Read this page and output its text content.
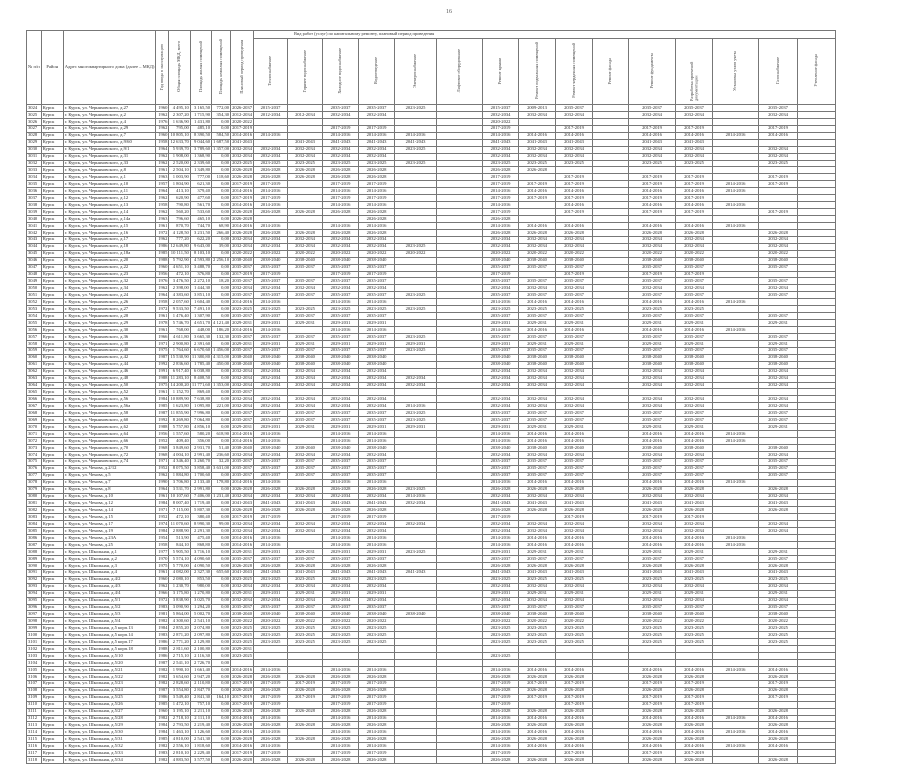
16
№ п/п	Район	Адрес многоквартирного дома (далее – МКД)	Год ввода в эксплуатацию	Общая площадь МКД, всего	Площадь жилых помещений	Площадь нежилых помещений	Плановый период проведения	Вид работ (услуг) по капитальному ремонту, плановый период проведения														
								Теплоснабжение	Горячее водоснабжение	Холодное водоснабжение	Водоотведение	Электроснабжение	Лифтовое оборудование	Ремонт крыши	Ремонт подвальных помещений	Ремонт чердачных помещений	Ремонт фасада	Ремонт фундамента	Разработка проектной документации	Установка узлов учета	Газоснабжение	Утепление фасада
3024	Курск	г. Курск, ул. Черняховского, д.27	1960	4 495,10	3 165,50	772,00	2026-2037	2015-2037		2035-2037	2035-2037	2023-2025		2015-2037	2009-2013	2035-2037		2035-2037	2035-2037		2035-2037	
3025	Курск	г. Курск, ул. Черняховского, д.2	1962	2 307,20	1 715,90	354,30	2012-2034	2012-2034	2012-2034	2032-2034	2032-2034			2032-2034	2032-2034	2032-2034		2032-2034	2032-2034		2032-2034	
3026	Курск	г. Курск, ул. Черняховского, д.4	1976	1 636,90	1 431,80	0,00	2020-2022							2020-2022								
3027	Курск	г. Курск, ул. Черняховского, д.29	1962	795,00	485,10	0,00	2017-2019			2017-2019	2017-2019			2017-2019		2017-2019		2017-2019	2017-2019		2017-2019	
3028	Курск	г. Курск, ул. Черняховского, д.7	1960	10 805,10	8 390,50	584,50	2014-2016	2014-2016		2014-2016	2014-2016	2014-2016		2014-2016	2014-2016	2014-2016		2014-2016	2014-2016	2014-2016	2014-2016	
3029	Курск	г. Курск, ул. Черняховского, д.9/60	1958	12 633,70	9 044,60	1 687,50	2041-2043		2041-2043	2041-2043	2041-2043	2041-2043		2041-2043	2041-2043	2041-2043		2041-2043	2041-2043			
3030	Курск	г. Курск, ул. Черняховского, д.9/1	1964	5 939,70	3 789,60	1 357,00	2032-2034	2032-2034	2032-2034	2032-2034	2032-2034	2023-2025		2032-2034	2032-2034	2032-2034		2032-2034	2032-2034		2032-2034	
3031	Курск	г. Курск, ул. Черняховского, д.31	1962	1 908,00	1 368,90	0,00	2032-2034	2032-2034	2032-2034	2032-2034	2032-2034			2032-2034	2032-2034	2032-2034		2032-2034	2032-2034		2032-2034	
3032	Курск	г. Курск, ул. Черняховского, д.33	1962	2 520,00	2 339,60	0,00	2023-2025	2023-2025	2023-2025	2023-2025	2023-2025	2023-2025		2023-2025	2023-2025	2023-2025		2023-2025	2023-2025		2023-2025	
3033	Курск	г. Курск, ул. Черняховского, д.8	1961	2 504,10	1 349,80	0,00	2026-2028	2026-2028	2026-2028	2026-2028	2026-2028			2026-2028	2026-2028							
3034	Курск	г. Курск, ул. Черняховского, д.1	1963	1 003,90	777,00	118,60	2026-2028	2026-2028	2026-2028	2026-2028	2026-2028			2017-2019		2017-2019		2017-2019	2017-2019		2017-2019	
3035	Курск	г. Курск, ул. Черняховского, д.10	1957	1 804,90	621,30	0,00	2017-2019	2017-2019		2017-2019	2017-2019			2017-2019	2017-2019	2017-2019		2017-2019	2017-2019	2014-2016	2017-2019	
3036	Курск	г. Курск, ул. Черняховского, д.11	1964	413,10	379,40	0,00	2014-2016	2014-2016		2014-2016	2014-2016			2014-2016	2014-2016	2014-2016		2014-2016	2014-2016	2014-2016		
3037	Курск	г. Курск, ул. Черняховского, д.12	1962	620,90	477,60	0,00	2017-2019	2017-2019		2017-2019	2017-2019			2017-2019	2017-2019	2017-2019		2017-2019	2017-2019			
3038	Курск	г. Курск, ул. Черняховского, д.13	1958	790,80	561,70	0,00	2014-2016	2014-2016		2014-2016	2014-2016			2014-2016		2014-2016		2014-2016	2014-2016	2014-2016		
3039	Курск	г. Курск, ул. Черняховского, д.14	1962	560,20	533,60	0,00	2026-2028	2026-2028	2026-2028	2026-2028	2026-2028			2017-2019		2017-2019		2017-2019	2017-2019		2017-2019	
3040	Курск	г. Курск, ул. Черняховского, д.14а	1963	796,60	465,10	0,00	2026-2028				2026-2028			2026-2028								
3041	Курск	г. Курск, ул. Черняховского, д.15	1961	870,70	744,70	68,90	2014-2016	2014-2016		2014-2016	2014-2016			2014-2016	2014-2016	2014-2016		2014-2016	2014-2016	2014-2016		
3042	Курск	г. Курск, ул. Черняховского, д.16	1972	4 128,50	3 231,50	266,40	2026-2028	2026-2028	2026-2028	2026-2028	2026-2028			2026-2028	2026-2028	2026-2028		2026-2028	2026-2028		2026-2028	
3043	Курск	г. Курск, ул. Черняховского, д.17	1962	777,20	622,20	0,00	2032-2034	2032-2034	2032-2034	2032-2034	2032-2034			2032-2034	2032-2034	2032-2034		2032-2034	2032-2034		2032-2034	
3044	Курск	г. Курск, ул. Черняховского, д.18	1986	12 649,80	9 643,00	39,00	2032-2034	2032-2034	2032-2034	2032-2034	2032-2034	2023-2025		2032-2034	2032-2034	2032-2034		2032-2034	2032-2034		2032-2034	
3045	Курск	г. Курск, ул. Черняховского, д.18а	1985	10 111,50	8 103,10	0,00	2020-2022	2020-2022	2020-2022	2020-2022	2020-2022	2020-2022		2020-2022	2020-2022	2020-2022		2020-2022	2020-2022		2020-2022	
3046	Курск	г. Курск, ул. Черняховского, д.20	1988	5 792,90	4 593,80	2 256,10	2038-2040	2038-2040	2038-2040	2038-2040	2038-2040			2038-2040	2038-2040	2038-2040		2038-2040	2038-2040		2038-2040	
3047	Курск	г. Курск, ул. Черняховского, д.22	1960	4 651,10	3 488,70	0,00	2035-2037	2035-2037	2035-2037	2035-2037	2035-2037			2035-2037	2035-2037	2035-2037		2035-2037	2035-2037		2035-2037	
3048	Курск	г. Курск, ул. Черняховского, д.23	1956	472,10	376,80	0,00	2017-2019	2017-2019		2017-2019	2017-2019			2017-2019		2017-2019		2017-2019	2017-2019			
3049	Курск	г. Курск, ул. Черняховского, д.32	1976	3 476,50	2 272,10	18,20	2035-2037	2035-2037	2035-2037	2035-2037	2035-2037			2035-2037	2035-2037	2035-2037		2035-2037	2035-2037		2035-2037	
3050	Курск	г. Курск, ул. Черняховского, д.34	1962	2 398,00	1 444,30	0,00	2032-2034	2032-2034	2032-2034	2032-2034	2032-2034			2032-2034	2032-2034	2032-2034		2032-2034	2032-2034		2032-2034	
3051	Курск	г. Курск, ул. Черняховского, д.24	1964	4 383,60	3 851,10	0,00	2035-2037	2035-2037	2035-2037	2035-2037	2035-2037	2023-2025		2035-2037	2035-2037	2035-2037		2035-2037	2035-2037		2035-2037	
3052	Курск	г. Курск, ул. Черняховского, д.26	1958	2 057,60	1 604,40	0,00	2014-2016	2014-2016		2014-2016	2014-2016			2014-2016	2014-2016	2014-2016		2014-2016	2014-2016	2014-2016		
3053	Курск	г. Курск, ул. Черняховского, д.27	1972	9 533,50	7 491,10	0,00	2023-2025	2023-2025	2023-2025	2023-2025	2023-2025	2023-2025		2023-2025	2023-2025	2023-2025		2023-2025	2023-2025			
3054	Курск	г. Курск, ул. Черняховского, д.28	1961	1 476,40	1 307,90	0,00	2035-2037	2035-2037	2035-2037	2035-2037	2035-2037			2035-2037	2035-2037	2035-2037		2035-2037	2035-2037		2035-2037	
3055	Курск	г. Курск, ул. Черняховского, д.29	1978	5 746,70	4 651,70	4 121,40	2029-2031	2029-2031	2029-2031	2029-2031	2029-2031			2029-2031	2029-2031	2029-2031		2029-2031	2029-2031		2029-2031	
3056	Курск	г. Курск, ул. Черняховского, д.30	1961	768,00	448,00	186,20	2014-2016	2014-2016		2014-2016	2014-2016			2014-2016	2014-2016	2014-2016		2014-2016	2014-2016	2014-2016		
3057	Курск	г. Курск, ул. Черняховского, д.36	1966	4 611,80	3 665,30	132,30	2035-2037	2035-2037	2035-2037	2035-2037	2035-2037	2023-2025		2035-2037	2035-2037	2035-2037		2035-2037	2035-2037		2035-2037	
3058	Курск	г. Курск, ул. Черняховского, д.38	1971	2 900,80	2 391,60	0,00	2029-2031	2029-2031	2029-2031	2029-2031	2029-2031	2029-2031		2029-2031	2029-2031	2029-2031		2029-2031	2029-2031		2029-2031	
3059	Курск	г. Курск, ул. Черняховского, д.40	1975	1 764,60	6 670,60	1 456,00	2035-2037	2035-2037	2035-2037	2035-2037	2035-2037	2023-2025		2035-2037	2035-2037	2035-2037		2035-2037	2035-2037		2035-2037	
3060	Курск	г. Курск, ул. Черняховского, д.42	1987	15 530,90	11 380,80	4 315,00	2038-2040	2038-2040	2038-2040	2038-2040	2038-2040			2038-2040	2038-2040	2038-2040		2038-2040	2038-2040		2038-2040	
3061	Курск	г. Курск, ул. Черняховского, д.44	1992	2 836,60	1 785,40	450,00	2038-2040	2038-2040	2038-2040	2038-2040	2038-2040			2038-2040	2038-2040	2038-2040		2038-2040	2038-2040		2038-2040	
3062	Курск	г. Курск, ул. Черняховского, д.46	1991	6 917,40	6 038,80	0,00	2032-2034	2032-2034	2032-2034	2032-2034	2032-2034			2032-2034	2032-2034	2032-2034		2032-2034	2032-2034		2032-2034	
3063	Курск	г. Курск, ул. Черняховского, д.48	1988	11 283,10	8 408,50	0,00	2032-2034	2032-2034	2032-2034	2032-2034	2032-2034	2032-2034		2032-2034	2032-2034	2032-2034		2032-2034	2032-2034		2032-2034	
3064	Курск	г. Курск, ул. Черняховского, д.50	1975	14 200,20	11 771,60	1 353,00	2032-2034	2032-2034	2032-2034	2032-2034	2032-2034	2032-2034		2032-2034	2032-2034	2032-2034		2032-2034	2032-2034		2032-2034	
3065	Курск	г. Курск, ул. Черняховского, д.52	1961	1 152,70	869,40	0,00	2035-2037															
3066	Курск	г. Курск, ул. Черняховского, д.56	1984	10 889,90	7 638,80	0,00	2032-2034	2032-2034	2032-2034	2032-2034	2032-2034			2032-2034	2032-2034	2032-2034		2032-2034	2032-2034		2032-2034	
3067	Курск	г. Курск, ул. Черняховского, д.56а	1985	1 623,80	1 095,80	221,00	2032-2034	2032-2034	2032-2034	2032-2034	2032-2034	2014-2016		2032-2034	2032-2034	2032-2034		2032-2034	2032-2034		2032-2034	
3068	Курск	г. Курск, ул. Черняховского, д.58	1987	11 855,90	7 996,80	0,00	2035-2037	2035-2037	2035-2037	2035-2037	2035-2037	2023-2025		2035-2037	2035-2037	2035-2037		2035-2037	2035-2037		2035-2037	
3069	Курск	г. Курск, ул. Черняховского, д.60	1992	8 269,80	7 064,80	0,00	2035-2037	2035-2037	2035-2037	2035-2037	2035-2037	2023-2025		2035-2037	2035-2037	2035-2037		2035-2037	2035-2037		2035-2037	
3070	Курск	г. Курск, ул. Черняховского, д.62	1988	5 757,80	4 856,10	0,00	2029-2031	2029-2031	2029-2031	2029-2031	2029-2031	2029-2031		2029-2031	2029-2031	2029-2031		2029-2031	2029-2031		2029-2031	
3071	Курск	г. Курск, ул. Черняховского, д.64	1956	1 557,60	580,20	618,90	2014-2016	2014-2016		2014-2016	2014-2016			2014-2016	2014-2016	2014-2016		2014-2016	2014-2016	2014-2016		
3072	Курск	г. Курск, ул. Черняховского, д.66	1952	409,40	356,00	0,00	2014-2016	2014-2016		2014-2016	2014-2016			2014-2016	2014-2016	2014-2016		2014-2016	2014-2016	2014-2016		
3073	Курск	г. Курск, ул. Черняховского, д.70	1968	3 849,60	2 931,70	51,40	2038-2040	2038-2040	2038-2040	2038-2040	2038-2040			2038-2040	2038-2040	2038-2040		2038-2040	2038-2040		2038-2040	
3074	Курск	г. Курск, ул. Черняховского, д.72	1968	4 004,10	2 991,40	236,60	2032-2034	2032-2034	2032-2034	2032-2034	2032-2034			2032-2034	2032-2034	2032-2034		2032-2034	2032-2034		2032-2034	
3075	Курск	г. Курск, ул. Черняховского, д.74	1971	4 346,40	3 260,70	32,20	2035-2037	2035-2037	2035-2037	2035-2037	2035-2037			2035-2037	2035-2037	2035-2037		2035-2037	2035-2037		2035-2037	
3076	Курск	г. Курск, ул. Чехова, д.2/12	1952	8 075,50	3 858,40	3 631,00	2035-2037	2035-2037	2035-2037	2035-2037	2035-2037			2035-2037	2035-2037	2035-2037		2035-2037	2035-2037		2035-2037	
3077	Курск	г. Курск, ул. Чехова, д.5	1962	1 884,80	1 700,60	0,00	2035-2037	2035-2037	2035-2037	2035-2037	2035-2037			2035-2037	2035-2037	2035-2037		2035-2037	2035-2037		2035-2037	
3078	Курск	г. Курск, ул. Чехова, д.7	1990	3 706,80	2 133,40	178,80	2014-2016	2014-2016		2014-2016	2014-2016			2014-2016	2014-2016	2014-2016		2014-2016	2014-2016	2014-2016		
3079	Курск	г. Курск, ул. Чехова, д.8	1964	3 531,70	2 991,80	0,00	2026-2028	2026-2028	2026-2028	2026-2028	2026-2028	2023-2025		2026-2028	2026-2028	2026-2028		2026-2028	2026-2028		2026-2028	
3080	Курск	г. Курск, ул. Чехова, д.10	1961	10 107,60	7 406,00	1 231,40	2032-2034	2032-2034	2032-2034	2032-2034	2032-2034	2014-2016		2032-2034	2032-2034	2032-2034		2032-2034	2032-2034		2032-2034	
3081	Курск	г. Курск, ул. Чехова, д.12	1984	8 007,40	1 719,40	0,00	2041-2043	2041-2043	2041-2043	2041-2043	2041-2043	2032-2034		2041-2043	2041-2043	2041-2043		2041-2043	2041-2043		2041-2043	
3082	Курск	г. Курск, ул. Чехова, д.14	1971	7 115,00	5 807,30	0,00	2026-2028	2026-2028	2026-2028	2026-2028	2026-2028			2026-2028	2026-2028	2026-2028		2026-2028	2026-2028		2026-2028	
3083	Курск	г. Курск, ул. Чехова, д.15	1952	472,10	380,40	0,00	2017-2019	2017-2019		2017-2019	2017-2019			2017-2019		2017-2019		2017-2019	2017-2019			
3084	Курск	г. Курск, ул. Чехова, д.17	1974	11 070,60	8 990,30	99,00	2032-2034	2032-2034	2032-2034	2032-2034	2032-2034	2032-2034		2032-2034	2032-2034	2032-2034		2032-2034	2032-2034		2032-2034	
3085	Курск	г. Курск, ул. Чехова, д.19	1984	2 888,90	2 291,30	0,00	2032-2034	2032-2034	2032-2034	2032-2034	2032-2034			2032-2034	2032-2034	2032-2034		2032-2034	2032-2034		2032-2034	
3086	Курск	г. Курск, ул. Чехова, д.23А	1954	513,90	475,40	0,00	2014-2016	2014-2016		2014-2016	2014-2016			2014-2016	2014-2016	2014-2016		2014-2016	2014-2016	2014-2016		
3087	Курск	г. Курск, ул. Чехова, д.25	1958	844,10	868,80	0,00	2014-2016	2014-2016		2014-2016	2014-2016			2014-2016	2014-2016	2014-2016		2014-2016	2014-2016	2014-2016		
3088	Курск	г. Курск, ул. Школьная, д.1	1977	5 905,50	3 716,10	0,00	2029-2031	2029-2031	2029-2031	2029-2031	2029-2031	2023-2025		2029-2031	2029-2031	2029-2031		2029-2031	2029-2031		2029-2031	
3089	Курск	г. Курск, ул. Школьная, д.2	1970	5 574,10	4 090,60	0,00	2035-2037	2035-2037	2035-2037	2035-2037	2035-2037			2035-2037	2035-2037	2035-2037		2035-2037	2035-2037		2035-2037	
3090	Курск	г. Курск, ул. Школьная, д.3	1975	5 770,00	4 090,50	0,00	2026-2028	2026-2028	2026-2028	2026-2028	2026-2028			2026-2028	2026-2028	2026-2028		2026-2028	2026-2028		2026-2028	
3091	Курск	г. Курск, ул. Школьная, д.4	1961	4 082,00	2 327,30	655,60	2041-2043	2041-2043	2041-2043	2041-2043	2041-2043	2041-2043		2041-2043	2041-2043	2041-2043		2041-2043	2041-2043		2041-2043	
3092	Курск	г. Курск, ул. Школьная, д.4/2	1960	2 080,10	853,50	0,00	2023-2025	2023-2025	2023-2025	2023-2025	2023-2025			2023-2025	2023-2025	2023-2025		2023-2025	2023-2025		2023-2025	
3093	Курск	г. Курск, ул. Школьная, д.4/3	1962	1 230,70	980,00	0,00	2032-2034	2032-2034	2032-2034	2032-2034	2032-2034			2032-2034	2032-2034	2032-2034		2032-2034	2032-2034		2032-2034	
3094	Курск	г. Курск, ул. Школьная, д.4/4	1966	3 175,80	1 270,80	0,00	2029-2031	2029-2031	2029-2031	2029-2031	2029-2031			2029-2031	2029-2031	2029-2031		2029-2031	2029-2031		2029-2031	
3095	Курск	г. Курск, ул. Школьная, д.5/1	1972	3 838,90	3 025,70	0,00	2032-2034	2032-2034	2032-2034	2032-2034	2032-2034			2032-2034	2032-2034	2032-2034		2032-2034	2032-2034		2032-2034	
3096	Курск	г. Курск, ул. Школьная, д.5/2	1983	3 090,90	1 294,20	0,00	2035-2037	2035-2037	2035-2037	2035-2037	2035-2037			2035-2037	2035-2037	2035-2037		2035-2037	2035-2037		2035-2037	
3097	Курск	г. Курск, ул. Школьная, д.5/3	1981	5 864,00	5 002,70	0,00	2038-2040	2038-2040	2038-2040	2038-2040	2038-2040	2038-2040		2038-2040	2038-2040	2038-2040		2038-2040	2038-2040		2038-2040	
3098	Курск	г. Курск, ул. Школьная, д.5/4	1982	4 300,60	2 541,10	0,00	2020-2022	2020-2022	2020-2022	2020-2022	2020-2022			2020-2022	2020-2022	2020-2022		2020-2022	2020-2022		2020-2022	
3099	Курск	г. Курск, ул. Школьная, д.5 корп.13	1984	2 855,20	2 074,80	0,00	2023-2025	2023-2025	2023-2025	2023-2025	2023-2025			2023-2025	2023-2025	2023-2025		2023-2025	2023-2025		2023-2025	
3100	Курск	г. Курск, ул. Школьная, д.5 корп.14	1983	2 871,20	2 097,80	0,00	2023-2025	2023-2025	2023-2025	2023-2025	2023-2025			2023-2025	2023-2025	2023-2025		2023-2025	2023-2025		2023-2025	
3101	Курск	г. Курск, ул. Школьная, д.5 корп.17	1986	2 771,20	2 129,80	0,00	2023-2025	2023-2025	2023-2025	2023-2025	2023-2025			2023-2025	2023-2025	2023-2025		2023-2025	2023-2025		2023-2025	
3102	Курск	г. Курск, ул. Школьная, д.5 корп.18	1988	2 811,60	2 100,80	0,00	2029-2031															
3103	Курск	г. Курск, ул. Школьная, д.5/10	1986	2 715,10	2 116,30	0,00	2023-2025							2023-2025								
3104	Курск	г. Курск, ул. Школьная, д.5/20	1987	2 541,10	2 726,70	0,00																
3105	Курск	г. Курск, ул. Школьная, д.5/21	1982	1 990,10	1 661,40	0,00	2014-2016	2014-2016		2014-2016	2014-2016			2014-2016	2014-2016	2014-2016		2014-2016	2014-2016	2014-2016	2014-2016	
3106	Курск	г. Курск, ул. Школьная, д.5/22	1982	3 654,60	2 947,20	0,00	2026-2028	2026-2028	2026-2028	2026-2028	2026-2028			2026-2028	2026-2028	2026-2028		2026-2028	2026-2028		2026-2028	
3107	Курск	г. Курск, ул. Школьная, д.5/23	1982	2 828,60	2 110,80	0,00	2017-2019	2017-2019	2017-2019	2017-2019	2017-2019			2017-2019	2017-2019	2017-2019		2017-2019	2017-2019		2017-2019	
3108	Курск	г. Курск, ул. Школьная, д.5/24	1987	3 554,80	2 847,70	0,00	2026-2028	2026-2028	2026-2028	2026-2028	2026-2028			2026-2028	2026-2028	2026-2028		2026-2028	2026-2028		2026-2028	
3109	Курск	г. Курск, ул. Школьная, д.5/25	1986	3 549,40	2 841,30	164,10	2017-2019	2017-2019	2017-2019	2017-2019	2017-2019			2017-2019	2017-2019	2017-2019		2017-2019	2017-2019		2017-2019	
3110	Курск	г. Курск, ул. Школьная, д.5/26	1985	1 472,10	757,10	0,00	2017-2019	2017-2019		2017-2019	2017-2019			2017-2019		2017-2019		2017-2019	2017-2019			
3111	Курск	г. Курск, ул. Школьная, д.5/27	1960	3 195,10	2 211,10	0,00	2026-2028	2026-2028	2026-2028	2026-2028	2026-2028			2026-2028	2026-2028	2026-2028		2026-2028	2026-2028		2026-2028	
3112	Курск	г. Курск, ул. Школьная, д.5/28	1982	2 718,10	2 111,10	0,00	2014-2016	2014-2016		2014-2016	2014-2016			2014-2016	2014-2016	2014-2016		2014-2016	2014-2016	2014-2016	2014-2016	
3113	Курск	г. Курск, ул. Школьная, д.5/29	1984	2 793,50	2 219,40	0,00	2026-2028	2026-2028	2026-2028	2026-2028	2026-2028			2026-2028	2026-2028	2026-2028		2026-2028	2026-2028		2026-2028	
3114	Курск	г. Курск, ул. Школьная, д.5/30	1984	1 463,10	1 126,60	0,00	2014-2016	2014-2016		2014-2016	2014-2016			2014-2016	2014-2016	2014-2016		2014-2016	2014-2016	2014-2016	2014-2016	
3115	Курск	г. Курск, ул. Школьная, д.5/31	1985	4 810,00	2 541,30	0,00	2026-2028	2026-2028	2026-2028	2026-2028	2026-2028			2026-2028	2026-2028	2026-2028		2026-2028	2026-2028		2026-2028	
3116	Курск	г. Курск, ул. Школьная, д.5/32	1982	2 556,10	1 818,60	0,00	2014-2016	2014-2016		2014-2016	2014-2016			2014-2016	2014-2016	2014-2016		2014-2016	2014-2016	2014-2016	2014-2016	
3117	Курск	г. Курск, ул. Школьная, д.5/33	1983	2 810,10	2 229,40	0,00	2017-2019	2017-2019		2017-2019	2017-2019			2017-2019		2017-2019		2017-2019	2017-2019			
3118	Курск	г. Курск, ул. Школьная, д.5/34	1982	4 883,50	3 577,50	0,00	2026-2028	2026-2028	2026-2028	2026-2028	2026-2028			2026-2028	2026-2028	2026-2028		2026-2028	2026-2028		2026-2028	
